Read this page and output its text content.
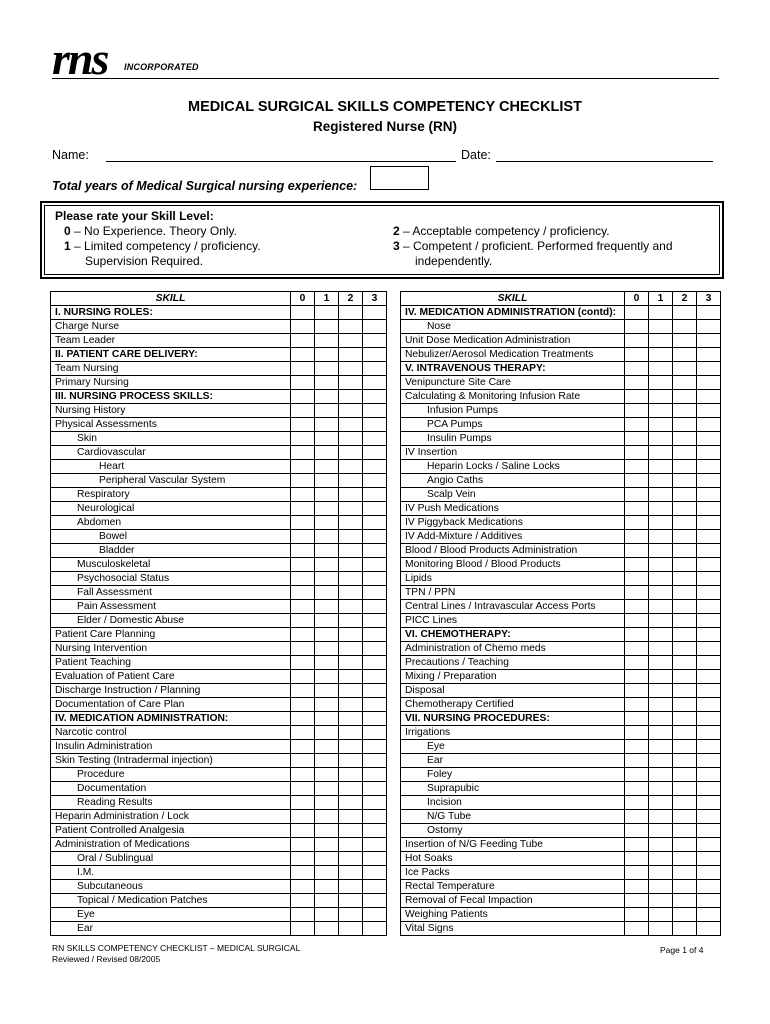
rns INCORPORATED
MEDICAL SURGICAL SKILLS COMPETENCY CHECKLIST
Registered Nurse (RN)
Name:	Date:
Total years of Medical Surgical nursing experience:
Please rate your Skill Level:
0 – No Experience. Theory Only.
1 – Limited competency / proficiency.
Supervision Required.
2 – Acceptable competency / proficiency.
3 – Competent / proficient. Performed frequently and
independently.
SKILL	0	1	2	3
I. NURSING ROLES:				
Charge Nurse				
Team Leader				
II. PATIENT CARE DELIVERY:				
Team Nursing				
Primary Nursing				
III. NURSING PROCESS SKILLS:				
Nursing History				
Physical Assessments				
Skin				
Cardiovascular				
Heart				
Peripheral Vascular System				
Respiratory				
Neurological				
Abdomen				
Bowel				
Bladder				
Musculoskeletal				
Psychosocial Status				
Fall Assessment				
Pain Assessment				
Elder / Domestic Abuse				
Patient Care Planning				
Nursing Intervention				
Patient Teaching				
Evaluation of Patient Care				
Discharge Instruction / Planning				
Documentation of Care Plan				
IV. MEDICATION ADMINISTRATION:				
Narcotic control				
Insulin Administration				
Skin Testing (Intradermal injection)				
Procedure				
Documentation				
Reading Results				
Heparin Administration / Lock				
Patient Controlled Analgesia				
Administration of Medications				
Oral / Sublingual				
I.M.				
Subcutaneous				
Topical / Medication Patches				
Eye				
Ear				
SKILL	0	1	2	3
IV. MEDICATION ADMINISTRATION (contd):				
Nose				
Unit Dose Medication Administration				
Nebulizer/Aerosol Medication Treatments				
V. INTRAVENOUS THERAPY:				
Venipuncture Site Care				
Calculating & Monitoring Infusion Rate				
Infusion Pumps				
PCA Pumps				
Insulin Pumps				
IV Insertion				
Heparin Locks / Saline Locks				
Angio Caths				
Scalp Vein				
IV Push Medications				
IV Piggyback Medications				
IV Add-Mixture / Additives				
Blood / Blood Products Administration				
Monitoring Blood / Blood Products				
Lipids				
TPN / PPN				
Central Lines / Intravascular Access Ports				
PICC Lines				
VI. CHEMOTHERAPY:				
Administration of Chemo meds				
Precautions / Teaching				
Mixing / Preparation				
Disposal				
Chemotherapy Certified				
VII. NURSING PROCEDURES:				
Irrigations				
Eye				
Ear				
Foley				
Suprapubic				
Incision				
N/G Tube				
Ostomy				
Insertion of N/G Feeding Tube				
Hot Soaks				
Ice Packs				
Rectal Temperature				
Removal of Fecal Impaction				
Weighing Patients				
Vital Signs				
RN SKILLS COMPETENCY CHECKLIST – MEDICAL SURGICAL
Reviewed / Revised 08/2005
Page 1 of 4
